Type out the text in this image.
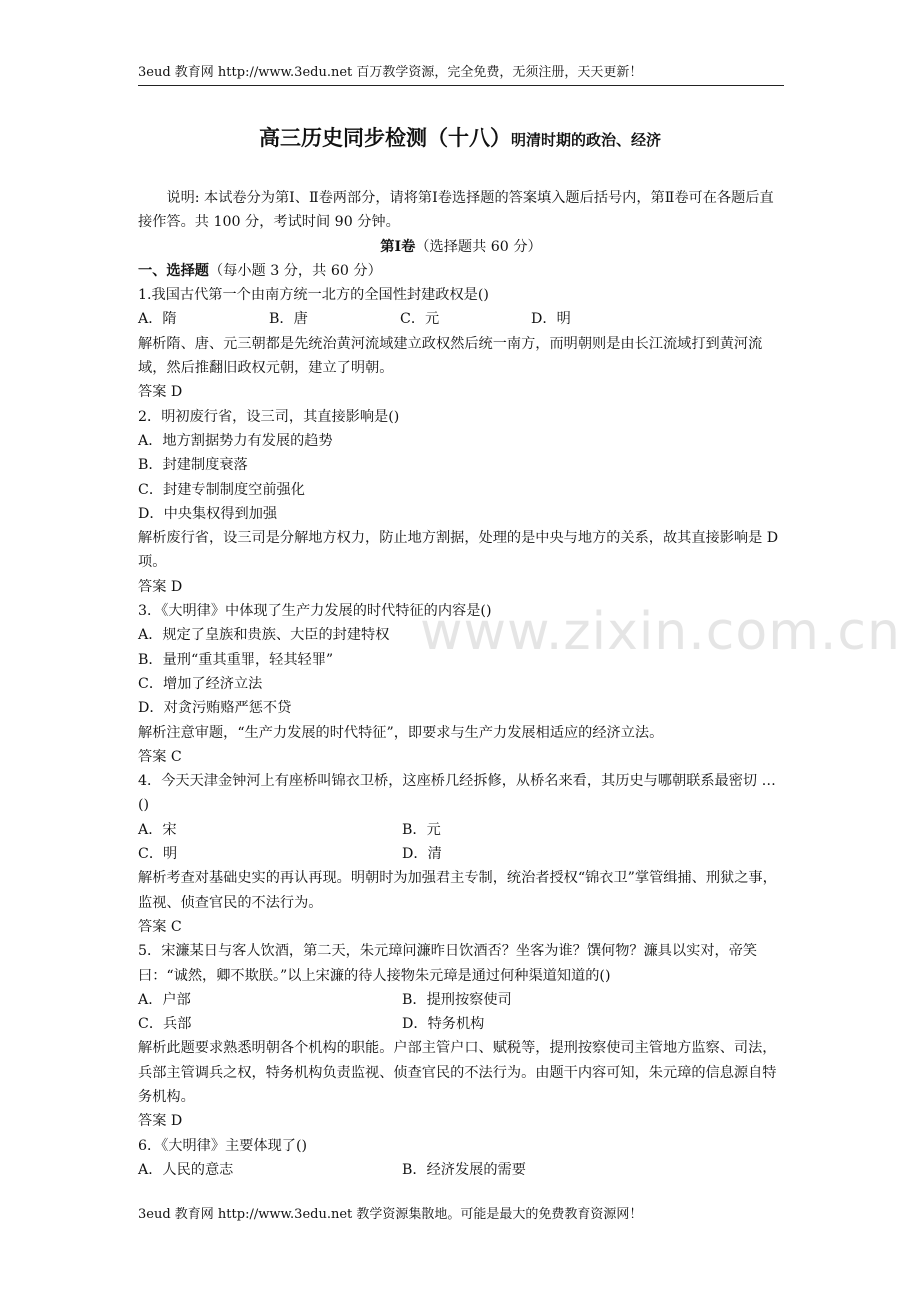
3eud 教育网 http://www.3edu.net 百万教学资源，完全免费，无须注册，天天更新！
高三历史同步检测（十八）明清时期的政治、经济
www.zixin.com.cn

说明: 本试卷分为第Ⅰ、Ⅱ卷两部分，请将第Ⅰ卷选择题的答案填入题后括号内，第Ⅱ卷可在各题后直接作答。共 100 分，考试时间 90 分钟。

第Ⅰ卷（选择题共 60 分）

一、选择题（每小题 3 分，共 60 分）

1.我国古代第一个由南方统一北方的全国性封建政权是()

A．隋	B．唐	C．元	D．明

解析隋、唐、元三朝都是先统治黄河流域建立政权然后统一南方，而明朝则是由长江流域打到黄河流域，然后推翻旧政权元朝，建立了明朝。

答案 D

2．明初废行省，设三司，其直接影响是()

A．地方割据势力有发展的趋势

B．封建制度衰落

C．封建专制制度空前强化

D．中央集权得到加强

解析废行省，设三司是分解地方权力，防止地方割据，处理的是中央与地方的关系，故其直接影响是 D 项。

答案 D

3．《大明律》中体现了生产力发展的时代特征的内容是()

A．规定了皇族和贵族、大臣的封建特权

B．量刑“重其重罪，轻其轻罪”

C．增加了经济立法

D．对贪污贿赂严惩不贷

解析注意审题，“生产力发展的时代特征”，即要求与生产力发展相适应的经济立法。

答案 C

4．今天天津金钟河上有座桥叫锦衣卫桥，这座桥几经拆修，从桥名来看，其历史与哪朝联系最密切 …()

A．宋	B．元
C．明	D．清

解析考查对基础史实的再认再现。明朝时为加强君主专制，统治者授权“锦衣卫”掌管缉捕、刑狱之事，监视、侦查官民的不法行为。

答案 C

5．宋濂某日与客人饮酒，第二天，朱元璋问濂昨日饮酒否？坐客为谁？馔何物？濂具以实对，帝笑曰：“诚然，卿不欺朕。”以上宋濂的待人接物朱元璋是通过何种渠道知道的()

A．户部	B．提刑按察使司
C．兵部	D．特务机构

解析此题要求熟悉明朝各个机构的职能。户部主管户口、赋税等，提刑按察使司主管地方监察、司法，兵部主管调兵之权，特务机构负责监视、侦查官民的不法行为。由题干内容可知，朱元璋的信息源自特务机构。

答案 D

6．《大明律》主要体现了()

A．人民的意志	B．经济发展的需要
3eud 教育网 http://www.3edu.net 教学资源集散地。可能是最大的免费教育资源网！
